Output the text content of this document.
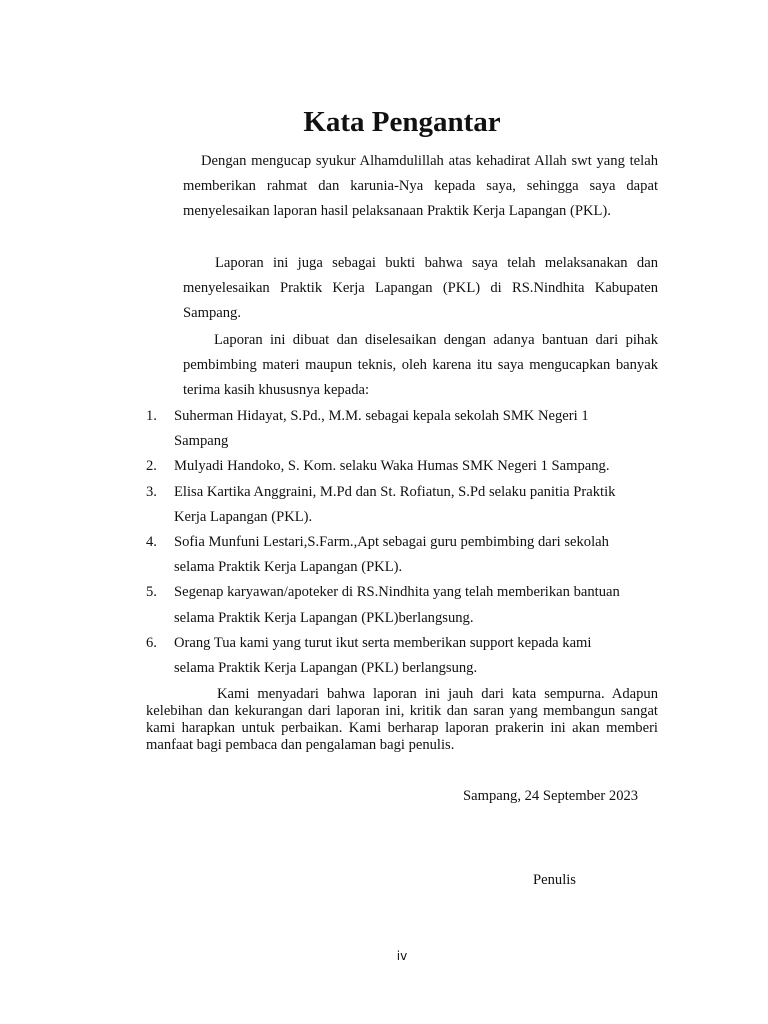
Kata Pengantar

Dengan mengucap syukur Alhamdulillah atas kehadirat Allah swt yang telah memberikan rahmat dan karunia-Nya kepada saya, sehingga saya dapat menyelesaikan laporan hasil pelaksanaan Praktik Kerja Lapangan (PKL).

Laporan ini juga sebagai bukti bahwa saya telah melaksanakan dan menyelesaikan Praktik Kerja Lapangan (PKL) di RS.Nindhita Kabupaten Sampang.

Laporan ini dibuat dan diselesaikan dengan adanya bantuan dari pihak pembimbing materi maupun teknis, oleh karena itu saya mengucapkan banyak terima kasih khususnya kepada:

1. Suherman Hidayat, S.Pd., M.M. sebagai kepala sekolah SMK Negeri 1 Sampang
2. Mulyadi Handoko, S. Kom. selaku Waka Humas SMK Negeri 1 Sampang.
3. Elisa Kartika Anggraini, M.Pd dan St. Rofiatun, S.Pd selaku panitia Praktik Kerja Lapangan (PKL).
4. Sofia Munfuni Lestari,S.Farm.,Apt sebagai guru pembimbing dari sekolah selama Praktik Kerja Lapangan (PKL).
5. Segenap karyawan/apoteker di RS.Nindhita yang telah memberikan bantuan selama Praktik Kerja Lapangan (PKL)berlangsung.
6. Orang Tua kami yang turut ikut serta memberikan support kepada kami selama Praktik Kerja Lapangan (PKL) berlangsung.

Kami menyadari bahwa laporan ini jauh dari kata sempurna. Adapun kelebihan dan kekurangan dari laporan ini, kritik dan saran yang membangun sangat kami harapkan untuk perbaikan. Kami berharap laporan prakerin ini akan memberi manfaat bagi pembaca dan pengalaman bagi penulis.

Sampang, 24 September 2023
Penulis
iv
